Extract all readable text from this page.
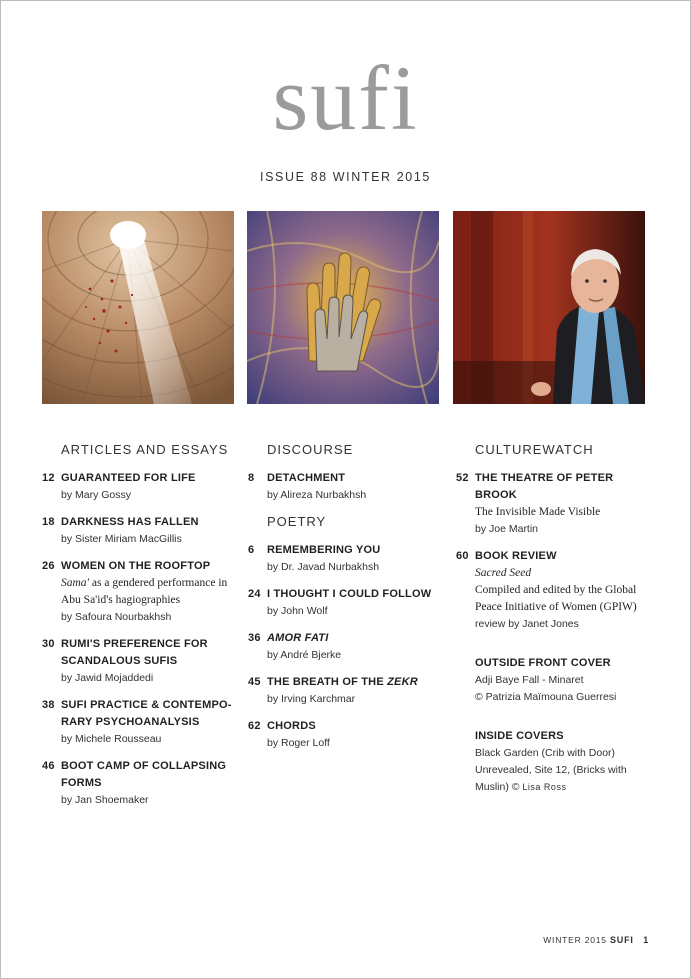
sufi
ISSUE 88 WINTER 2015
ARTICLES AND ESSAYS
12 GUARANTEED FOR LIFE
by Mary Gossy
18 DARKNESS HAS FALLEN
by Sister Miriam MacGillis
26 WOMEN ON THE ROOFTOP
Sama' as a gendered performance in Abu Sa'id's hagiographies
by Safoura Nourbakhsh
30 RUMI'S PREFERENCE FOR SCANDALOUS SUFIS
by Jawid Mojaddedi
38 SUFI PRACTICE & CONTEMPO-RARY PSYCHOANALYSIS
by Michele Rousseau
46 BOOT CAMP OF COLLAPSING FORMS
by Jan Shoemaker
DISCOURSE
8	DETACHMENT
by Alireza Nurbakhsh
POETRY
6	REMEMBERING YOU
by Dr. Javad Nurbakhsh
24 I THOUGHT I COULD FOLLOW
by John Wolf
36 AMOR FATI
by André Bjerke
45 THE BREATH OF THE ZEKR
by Irving Karchmar
62 CHORDS
by Roger Loff
CULTUREWATCH
52 THE THEATRE OF PETER BROOK
The Invisible Made Visible
by Joe Martin
60 BOOK REVIEW
Sacred Seed
Compiled and edited by the Global Peace Initiative of Women (GPIW)
review by Janet Jones
OUTSIDE FRONT COVER
Adji Baye Fall - Minaret
© Patrizia Maïmouna Guerresi
INSIDE COVERS
Black Garden (Crib with Door) Unrevealed, Site 12, (Bricks with Muslin) © Lisa Ross
WINTER 2015 SUFI 1
